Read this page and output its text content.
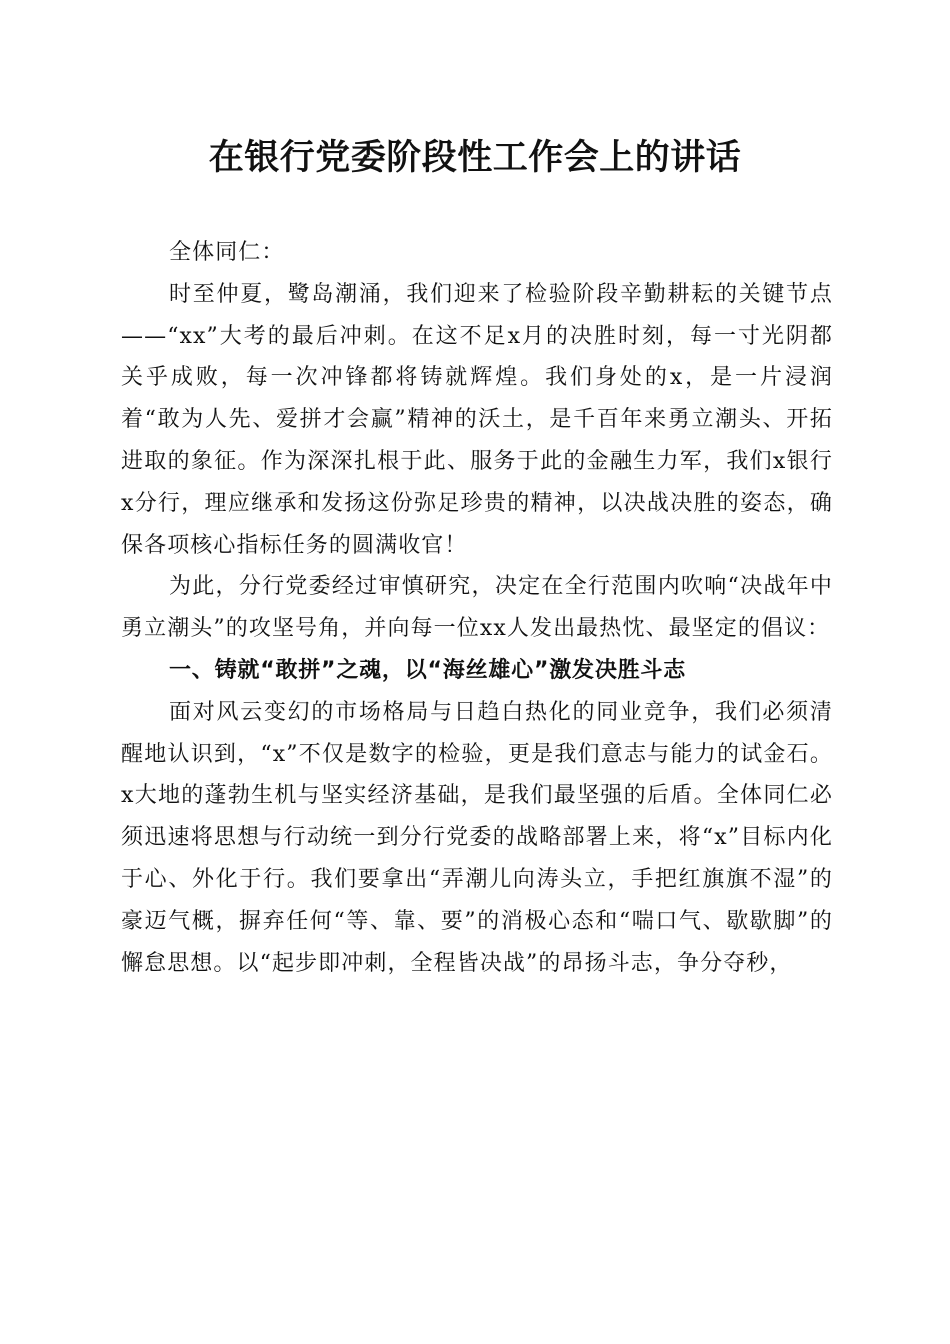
在银行党委阶段性工作会上的讲话

全体同仁：

时至仲夏，鹭岛潮涌，我们迎来了检验阶段辛勤耕耘的关键节点——“xx”大考的最后冲刺。在这不足x月的决胜时刻，每一寸光阴都关乎成败，每一次冲锋都将铸就辉煌。我们身处的x，是一片浸润着“敢为人先、爱拼才会赢”精神的沃土，是千百年来勇立潮头、开拓进取的象征。作为深深扎根于此、服务于此的金融生力军，我们x银行x分行，理应继承和发扬这份弥足珍贵的精神，以决战决胜的姿态，确保各项核心指标任务的圆满收官！

为此，分行党委经过审慎研究，决定在全行范围内吹响“决战年中勇立潮头”的攻坚号角，并向每一位xx人发出最热忱、最坚定的倡议：

一、铸就“敢拼”之魂，以“海丝雄心”激发决胜斗志

面对风云变幻的市场格局与日趋白热化的同业竞争，我们必须清醒地认识到，“x”不仅是数字的检验，更是我们意志与能力的试金石。x大地的蓬勃生机与坚实经济基础，是我们最坚强的后盾。全体同仁必须迅速将思想与行动统一到分行党委的战略部署上来，将“x”目标内化于心、外化于行。我们要拿出“弄潮儿向涛头立，手把红旗旗不湿”的豪迈气概，摒弃任何“等、靠、要”的消极心态和“喘口气、歇歇脚”的懈怠思想。以“起步即冲刺，全程皆决战”的昂扬斗志，争分夺秒，
